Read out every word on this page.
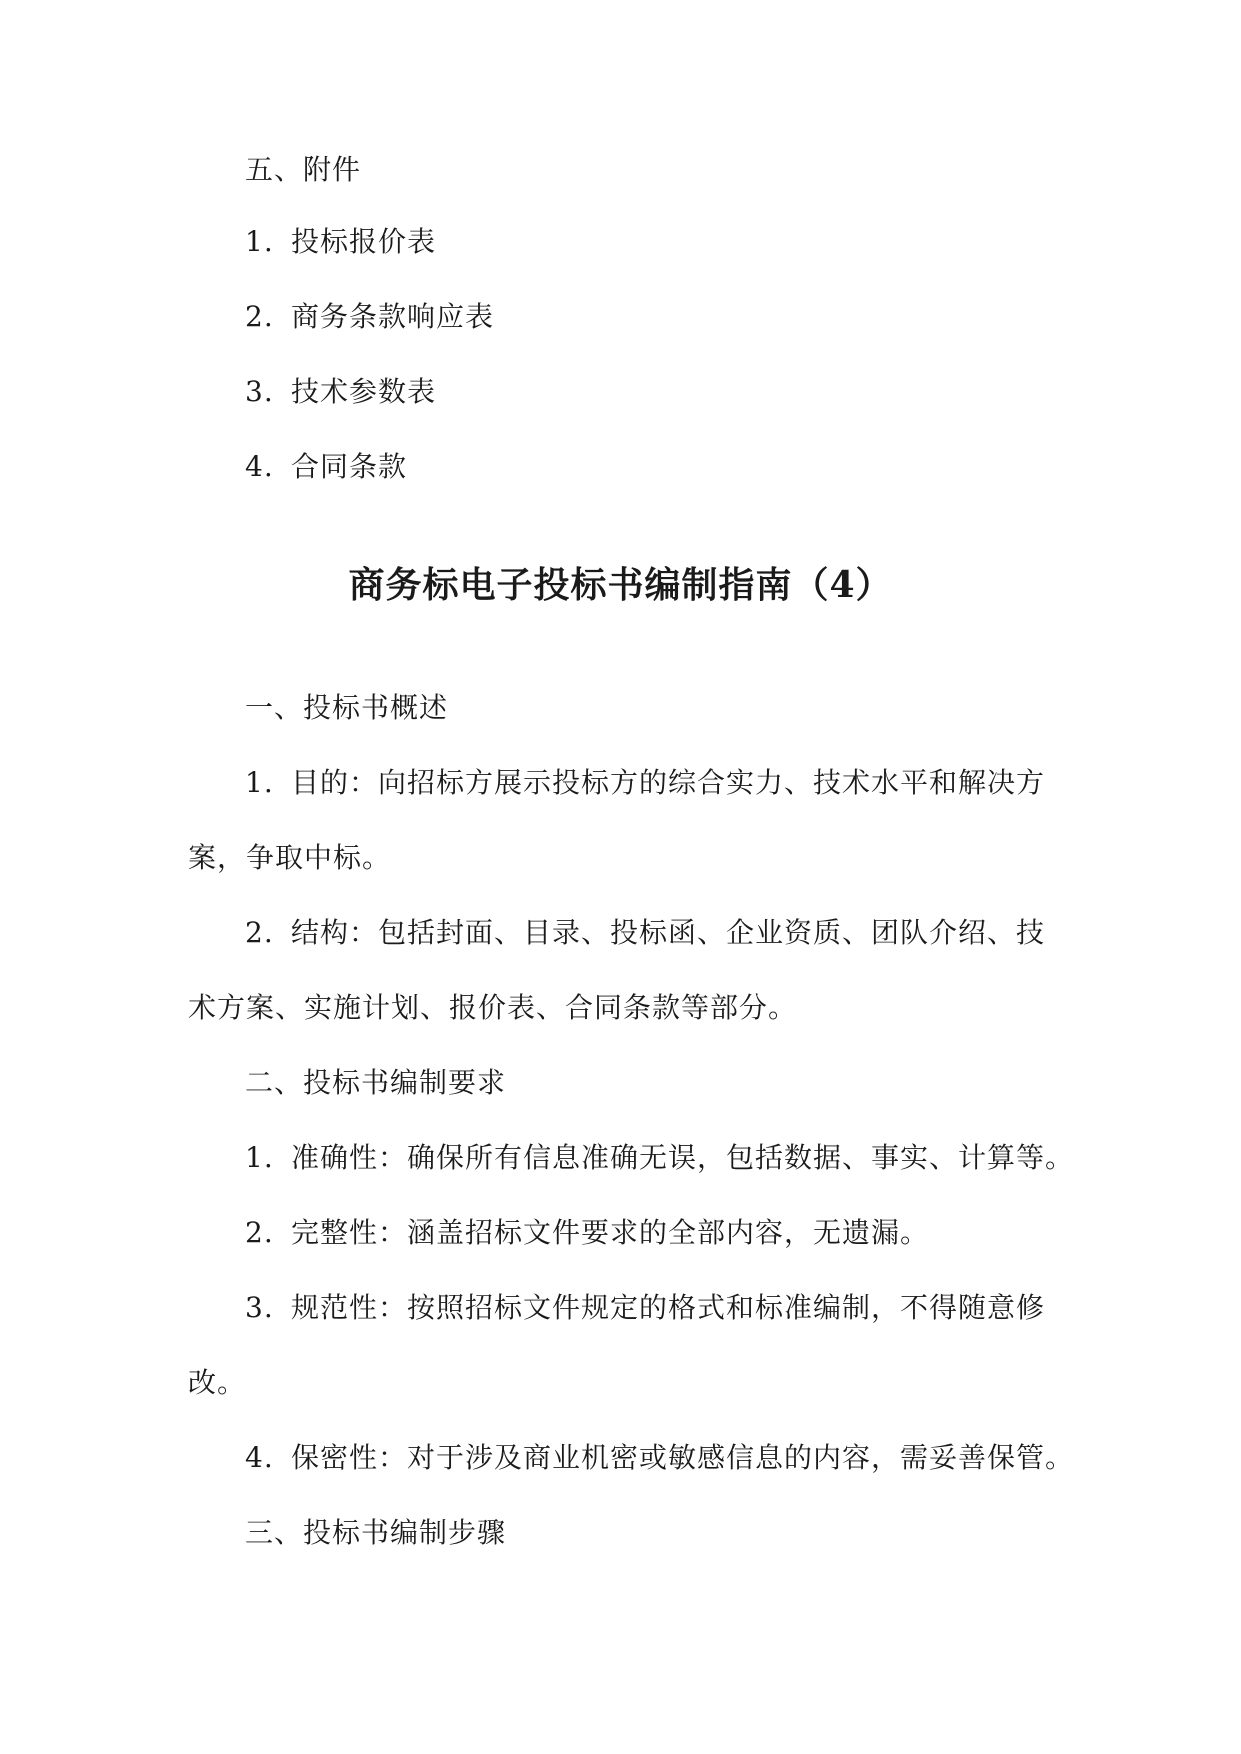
五、附件
1. 投标报价表
2. 商务条款响应表
3. 技术参数表
4. 合同条款
商务标电子投标书编制指南（4）
一、投标书概述
1. 目的：向招标方展示投标方的综合实力、技术水平和解决方
案，争取中标。
2. 结构：包括封面、目录、投标函、企业资质、团队介绍、技
术方案、实施计划、报价表、合同条款等部分。
二、投标书编制要求
1. 准确性：确保所有信息准确无误，包括数据、事实、计算等。
2. 完整性：涵盖招标文件要求的全部内容，无遗漏。
3. 规范性：按照招标文件规定的格式和标准编制，不得随意修
改。
4. 保密性：对于涉及商业机密或敏感信息的内容，需妥善保管。
三、投标书编制步骤
